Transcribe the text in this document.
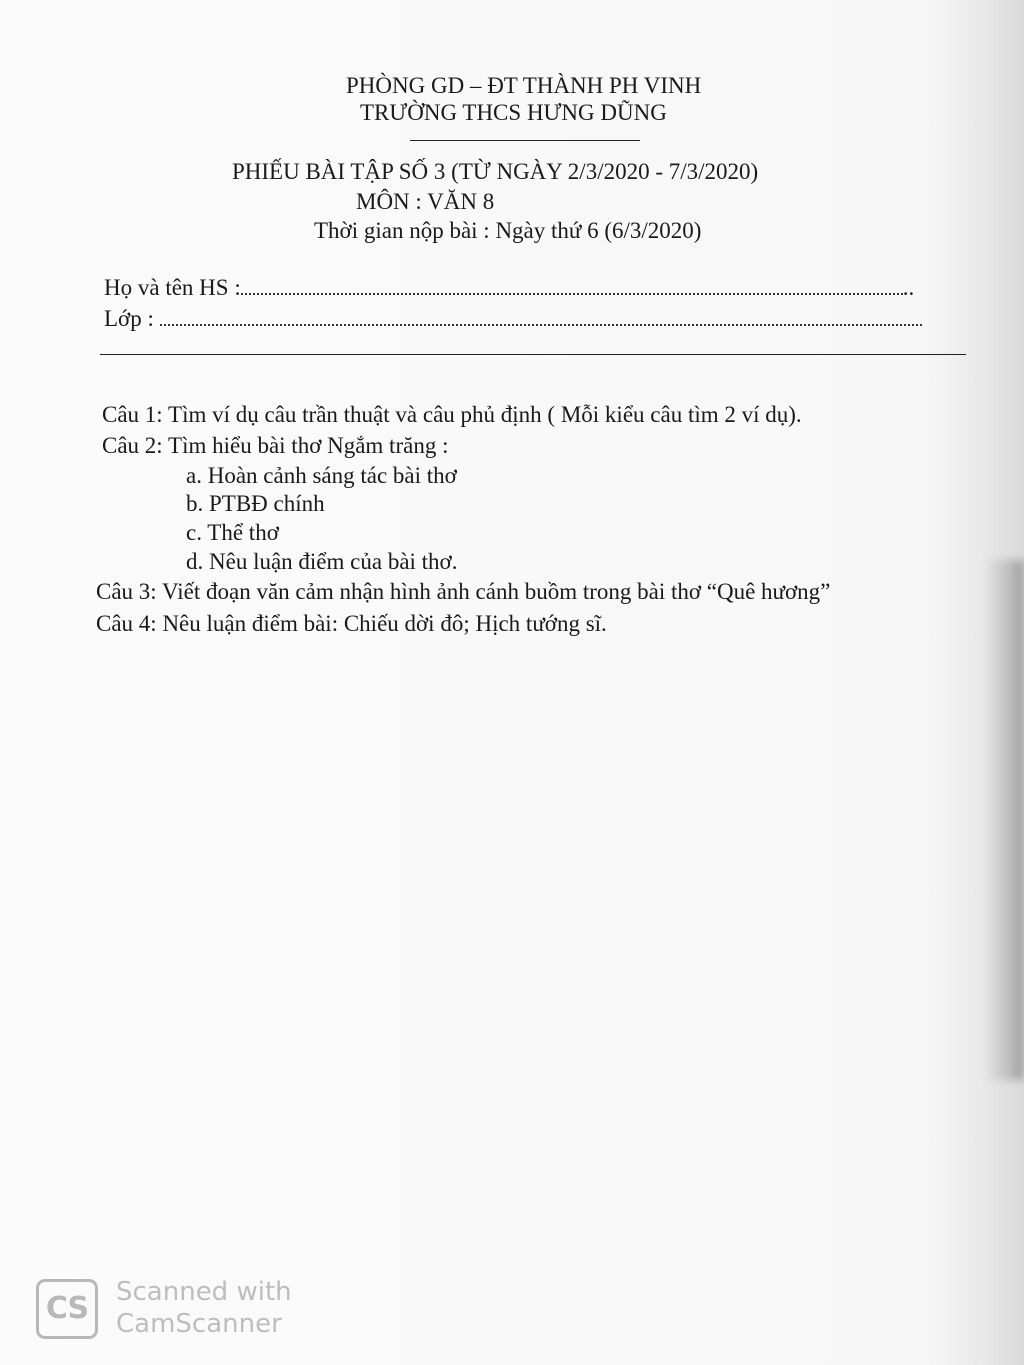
PHÒNG GD – ĐT THÀNH PH VINH
TRƯỜNG THCS HƯNG DŨNG
PHIẾU BÀI TẬP SỐ 3 (TỪ NGÀY 2/3/2020 - 7/3/2020)
MÔN : VĂN 8
Thời gian nộp bài : Ngày thứ 6 (6/3/2020)
Họ và tên HS :	..
Lớp :
Câu 1: Tìm ví dụ câu trần thuật và câu phủ định ( Mỗi kiểu câu tìm 2 ví dụ).
Câu 2: Tìm hiểu bài thơ Ngắm trăng :
a. Hoàn cảnh sáng tác bài thơ
b. PTBĐ chính
c. Thể thơ
d. Nêu luận điểm của bài thơ.
Câu 3: Viết đoạn văn cảm nhận hình ảnh cánh buồm trong bài thơ “Quê hương”
Câu 4: Nêu luận điểm bài: Chiếu dời đô; Hịch tướng sĩ.
CS	Scanned with
CamScanner
